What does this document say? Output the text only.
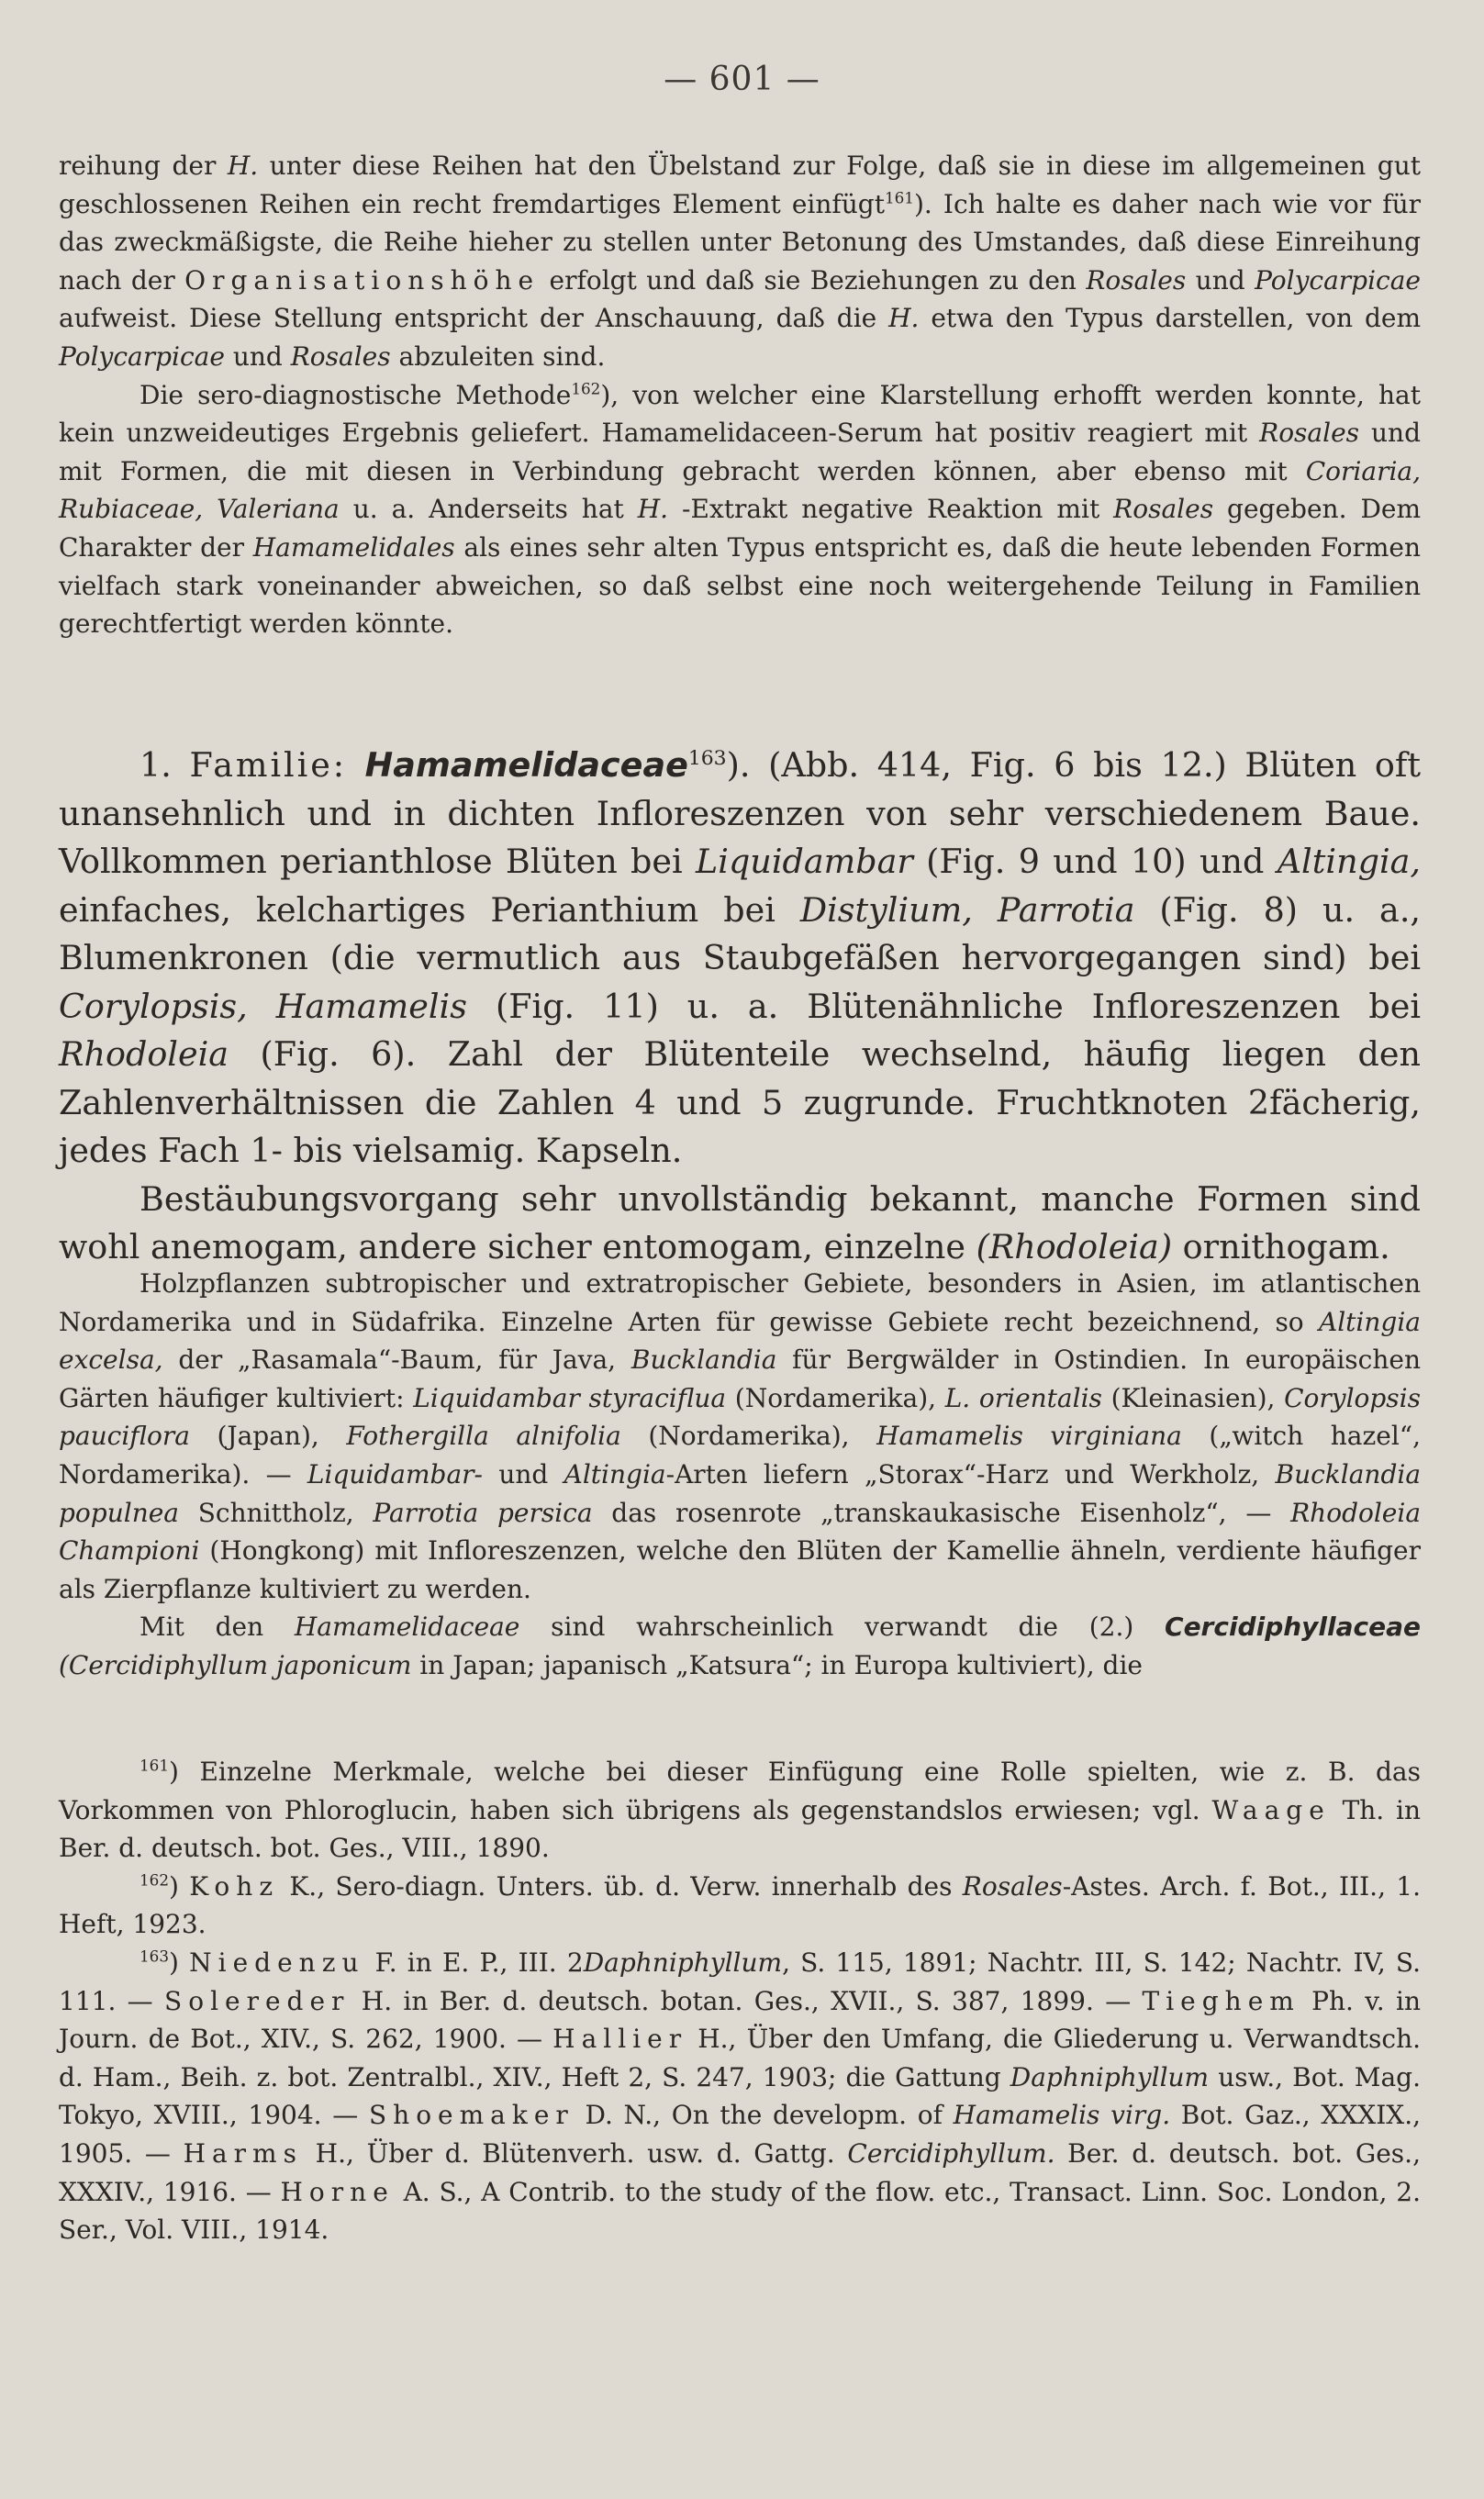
— 601 —

reihung der H. unter diese Reihen hat den Übelstand zur Folge, daß sie in diese im allgemeinen gut geschlossenen Reihen ein recht fremdartiges Element einfügt$^{161}$). Ich halte es daher nach wie vor für das zweckmäßigste, die Reihe hieher zu stellen unter Betonung des Umstandes, daß diese Einreihung nach der Organisationshöhe erfolgt und daß sie Beziehungen zu den Rosales und Polycarpicae aufweist. Diese Stellung entspricht der Anschauung, daß die H. etwa den Typus darstellen, von dem Polycarpicae und Rosales abzuleiten sind.

Die sero-diagnostische Methode$^{162}$), von welcher eine Klarstellung erhofft werden konnte, hat kein unzweideutiges Ergebnis geliefert. Hamamelidaceen-Serum hat positiv reagiert mit Rosales und mit Formen, die mit diesen in Verbindung gebracht werden können, aber ebenso mit Coriaria, Rubiaceae, Valeriana u. a. Anderseits hat H. -Extrakt negative Reaktion mit Rosales gegeben. Dem Charakter der Hamamelidales als eines sehr alten Typus entspricht es, daß die heute lebenden Formen vielfach stark voneinander abweichen, so daß selbst eine noch weitergehende Teilung in Familien gerechtfertigt werden könnte.

1. Familie: Hamamelidaceae$^{163}$). (Abb. 414, Fig. 6 bis 12.) Blüten oft unansehnlich und in dichten Infloreszenzen von sehr verschiedenem Baue. Vollkommen perianthlose Blüten bei Liquidambar (Fig. 9 und 10) und Altingia, einfaches, kelchartiges Perianthium bei Distylium, Parrotia (Fig. 8) u. a., Blumenkronen (die vermutlich aus Staubgefäßen hervorgegangen sind) bei Corylopsis, Hamamelis (Fig. 11) u. a. Blütenähnliche Infloreszenzen bei Rhodoleia (Fig. 6). Zahl der Blütenteile wechselnd, häufig liegen den Zahlenverhältnissen die Zahlen 4 und 5 zugrunde. Fruchtknoten 2fächerig, jedes Fach 1- bis vielsamig. Kapseln.

Bestäubungsvorgang sehr unvollständig bekannt, manche Formen sind wohl anemogam, andere sicher entomogam, einzelne (Rhodoleia) ornithogam.

Holzpflanzen subtropischer und extratropischer Gebiete, besonders in Asien, im atlantischen Nordamerika und in Südafrika. Einzelne Arten für gewisse Gebiete recht bezeichnend, so Altingia excelsa, der „Rasamala“-Baum, für Java, Bucklandia für Bergwälder in Ostindien. In europäischen Gärten häufiger kultiviert: Liquidambar styraciflua (Nordamerika), L. orientalis (Kleinasien), Corylopsis pauciflora (Japan), Fothergilla alnifolia (Nordamerika), Hamamelis virginiana („witch hazel“, Nordamerika). — Liquidambar- und Altingia-Arten liefern „Storax“-Harz und Werkholz, Bucklandia populnea Schnittholz, Parrotia persica das rosenrote „transkaukasische Eisenholz“, — Rhodoleia Championi (Hongkong) mit Infloreszenzen, welche den Blüten der Kamellie ähneln, verdiente häufiger als Zierpflanze kultiviert zu werden.

Mit den Hamamelidaceae sind wahrscheinlich verwandt die (2.) Cercidiphyllaceae (Cercidiphyllum japonicum in Japan; japanisch „Katsura“; in Europa kultiviert), die

$^{161}$) Einzelne Merkmale, welche bei dieser Einfügung eine Rolle spielten, wie z. B. das Vorkommen von Phloroglucin, haben sich übrigens als gegenstandslos erwiesen; vgl. Waage Th. in Ber. d. deutsch. bot. Ges., VIII., 1890.

$^{162}$) Kohz K., Sero-diagn. Unters. üb. d. Verw. innerhalb des Rosales-Astes. Arch. f. Bot., III., 1. Heft, 1923.

$^{163}$) Niedenzu F. in E. P., III. 2Daphniphyllum, S. 115, 1891; Nachtr. III, S. 142; Nachtr. IV, S. 111. — Solereder H. in Ber. d. deutsch. botan. Ges., XVII., S. 387, 1899. — Tieghem Ph. v. in Journ. de Bot., XIV., S. 262, 1900. — Hallier H., Über den Umfang, die Gliederung u. Verwandtsch. d. Ham., Beih. z. bot. Zentralbl., XIV., Heft 2, S. 247, 1903; die Gattung Daphniphyllum usw., Bot. Mag. Tokyo, XVIII., 1904. — Shoemaker D. N., On the developm. of Hamamelis virg. Bot. Gaz., XXXIX., 1905. — Harms H., Über d. Blütenverh. usw. d. Gattg. Cercidiphyllum. Ber. d. deutsch. bot. Ges., XXXIV., 1916. — Horne A. S., A Contrib. to the study of the flow. etc., Transact. Linn. Soc. London, 2. Ser., Vol. VIII., 1914.
